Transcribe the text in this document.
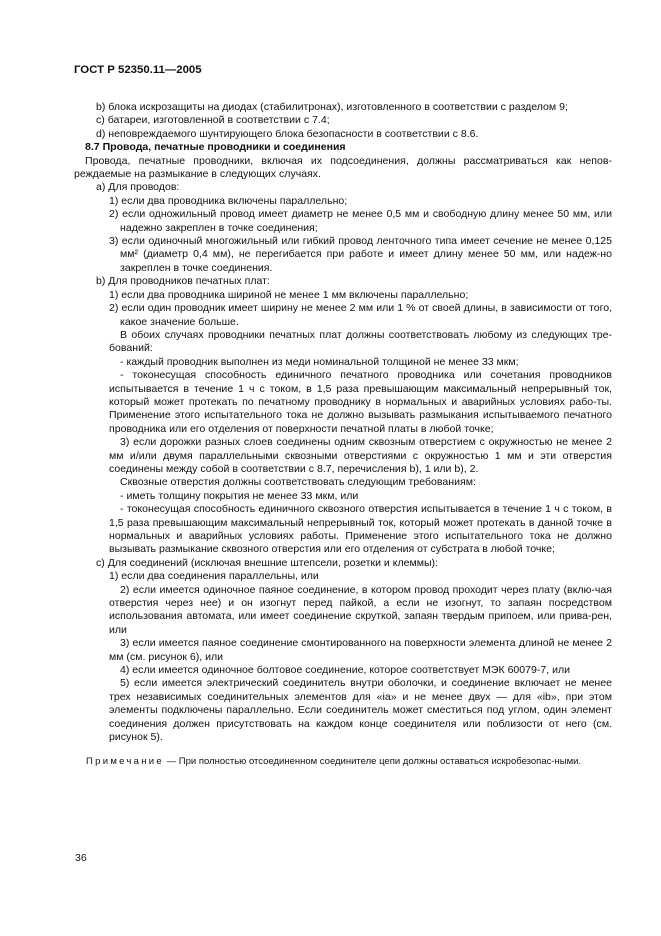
ГОСТ Р 52350.11—2005

b) блока искрозащиты на диодах (стабилитронах), изготовленного в соответствии с разделом 9;

c) батареи, изготовленной в соответствии с 7.4;

d) неповреждаемого шунтирующего блока безопасности в соответствии с 8.6.

8.7 Провода, печатные проводники и соединения

Провода, печатные проводники, включая их подсоединения, должны рассматриваться как непов-реждаемые на размыкание в следующих случаях.

a) Для проводов:

1) если два проводника включены параллельно;

2) если одножильный провод имеет диаметр не менее 0,5 мм и свободную длину менее 50 мм, или надежно закреплен в точке соединения;

3) если одиночный многожильный или гибкий провод ленточного типа имеет сечение не менее 0,125 мм² (диаметр 0,4 мм), не перегибается при работе и имеет длину менее 50 мм, или надеж-но закреплен в точке соединения.

b) Для проводников печатных плат:

1) если два проводника шириной не менее 1 мм включены параллельно;

2) если один проводник имеет ширину не менее 2 мм или 1 % от своей длины, в зависимости от того, какое значение больше.

В обоих случаях проводники печатных плат должны соответствовать любому из следующих тре-бований:

- каждый проводник выполнен из меди номинальной толщиной не менее 33 мкм;

- токонесущая способность единичного печатного проводника или сочетания проводников испытывается в течение 1 ч с током, в 1,5 раза превышающим максимальный непрерывный ток, который может протекать по печатному проводнику в нормальных и аварийных условиях рабо-ты. Применение этого испытательного тока не должно вызывать размыкания испытываемого печатного проводника или его отделения от поверхности печатной платы в любой точке;

3) если дорожки разных слоев соединены одним сквозным отверстием с окружностью не менее 2 мм и/или двумя параллельными сквозными отверстиями с окружностью 1 мм и эти отверстия соединены между собой в соответствии с 8.7, перечисления b), 1 или b), 2.

Сквозные отверстия должны соответствовать следующим требованиям:

- иметь толщину покрытия не менее 33 мкм, или

- токонесущая способность единичного сквозного отверстия испытывается в течение 1 ч с током, в 1,5 раза превышающим максимальный непрерывный ток, который может протекать в данной точке в нормальных и аварийных условиях работы. Применение этого испытательного тока не должно вызывать размыкание сквозного отверстия или его отделения от субстрата в любой точке;

c) Для соединений (исключая внешние штепсели, розетки и клеммы):

1) если два соединения параллельны, или

2) если имеется одиночное паяное соединение, в котором провод проходит через плату (вклю-чая отверстия через нее) и он изогнут перед пайкой, а если не изогнут, то запаян посредством использования автомата, или имеет соединение скруткой, запаян твердым припоем, или прива-рен, или

3) если имеется паяное соединение смонтированного на поверхности элемента длиной не менее 2 мм (см. рисунок 6), или

4) если имеется одиночное болтовое соединение, которое соответствует МЭК 60079-7, или

5) если имеется электрический соединитель внутри оболочки, и соединение включает не менее трех независимых соединительных элементов для «ia» и не менее двух — для «ib», при этом элементы подключены параллельно. Если соединитель может сместиться под углом, один элемент соединения должен присутствовать на каждом конце соединителя или поблизости от него (см. рисунок 5).

Примечание — При полностью отсоединенном соединителе цепи должны оставаться искробезопас-ными.

36
